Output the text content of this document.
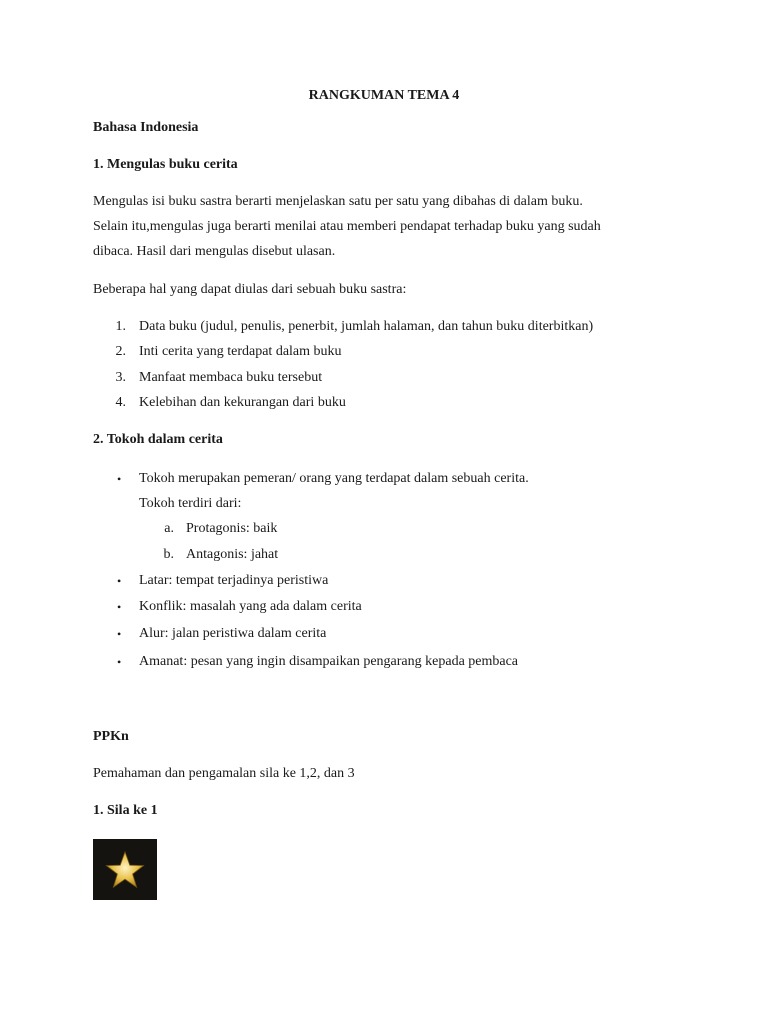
RANGKUMAN TEMA 4
Bahasa Indonesia
1. Mengulas buku cerita
Mengulas isi buku sastra berarti menjelaskan satu per satu yang dibahas di dalam buku.
Selain itu,mengulas juga berarti menilai atau memberi pendapat terhadap buku yang sudah
dibaca. Hasil dari mengulas disebut ulasan.
Beberapa hal yang dapat diulas dari sebuah buku sastra:
1. Data buku (judul, penulis, penerbit, jumlah halaman, dan tahun buku diterbitkan)
2. Inti cerita yang terdapat dalam buku
3. Manfaat membaca buku tersebut
4. Kelebihan dan kekurangan dari buku
2. Tokoh dalam cerita
• Tokoh merupakan pemeran/ orang yang terdapat dalam sebuah cerita.
Tokoh terdiri dari:
a. Protagonis: baik
b. Antagonis: jahat
• Latar: tempat terjadinya peristiwa
• Konflik: masalah yang ada dalam cerita
• Alur: jalan peristiwa dalam cerita
• Amanat: pesan yang ingin disampaikan pengarang kepada pembaca
PPKn
Pemahaman dan pengamalan sila ke 1,2, dan 3
1. Sila ke 1
